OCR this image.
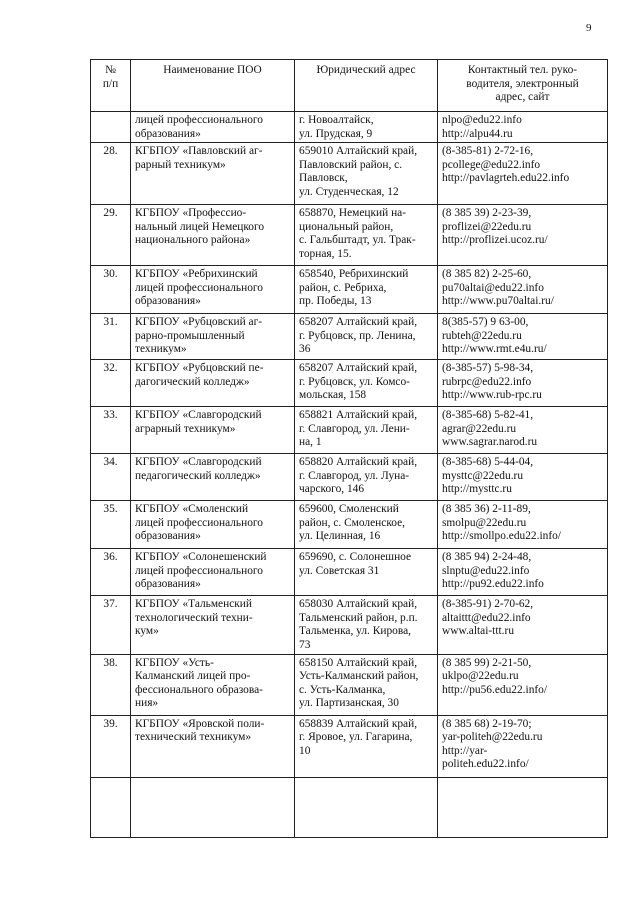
9
№
п/п	Наименование ПОО	Юридический адрес	Контактный тел. руко-
водителя, электронный
адрес, сайт
	лицей профессионального
образования»	г. Новоалтайск,
ул. Прудская, 9	nlpo@edu22.info
http://alpu44.ru
28.	КГБПОУ «Павловский аг-
рарный техникум»	659010 Алтайский край,
Павловский район, с.
Павловск,
ул. Студенческая, 12	(8-385-81) 2-72-16,
pcollege@edu22.info
http://pavlagrteh.edu22.info
29.	КГБПОУ «Профессио-
нальный лицей Немецкого
национального района»	658870, Немецкий на-
циональный район,
с. Гальбштадт, ул. Трак-
торная, 15.	(8 385 39) 2-23-39,
proflizei@22edu.ru
http://proflizei.ucoz.ru/
30.	КГБПОУ «Ребрихинский
лицей профессионального
образования»	658540, Ребрихинский
район, с. Ребриха,
пр. Победы, 13	(8 385 82) 2-25-60,
pu70altai@edu22.info
http://www.pu70altai.ru/
31.	КГБПОУ «Рубцовский аг-
рарно-промышленный
техникум»	658207 Алтайский край,
г. Рубцовск, пр. Ленина,
36	8(385-57) 9 63-00,
rubteh@22edu.ru
http://www.rmt.e4u.ru/
32.	КГБПОУ «Рубцовский пе-
дагогический колледж»	658207 Алтайский край,
г. Рубцовск, ул. Комсо-
мольская, 158	(8-385-57) 5-98-34,
rubrpc@edu22.info
http://www.rub-rpc.ru
33.	КГБПОУ «Славгородский
аграрный техникум»	658821 Алтайский край,
г. Славгород, ул. Лени-
на, 1	(8-385-68) 5-82-41,
agrar@22edu.ru
www.sagrar.narod.ru
34.	КГБПОУ «Славгородский
педагогический колледж»	658820 Алтайский край,
г. Славгород, ул. Луна-
чарского, 146	(8-385-68) 5-44-04,
mysttc@22edu.ru
http://mysttc.ru
35.	КГБПОУ «Смоленский
лицей профессионального
образования»	659600, Смоленский
район, с. Смоленское,
ул. Целинная, 16	(8 385 36) 2-11-89,
smolpu@22edu.ru
http://smollpo.edu22.info/
36.	КГБПОУ «Солонешенский
лицей профессионального
образования»	659690, с. Солонешное
ул. Советская 31	(8 385 94) 2-24-48,
slnptu@edu22.info
http://pu92.edu22.info
37.	КГБПОУ «Тальменский
технологический техни-
кум»	658030 Алтайский край,
Тальменский район, р.п.
Тальменка, ул. Кирова,
73	(8-385-91) 2-70-62,
altaittt@edu22.info
www.altai-ttt.ru
38.	КГБПОУ «Усть-
Калманский лицей про-
фессионального образова-
ния»	658150 Алтайский край,
Усть-Калманский район,
с. Усть-Калманка,
ул. Партизанская, 30	(8 385 99) 2-21-50,
uklpo@22edu.ru
http://pu56.edu22.info/
39.	КГБПОУ «Яровской поли-
технический техникум»	658839 Алтайский край,
г. Яровое, ул. Гагарина,
10	(8 385 68) 2-19-70;
yar-politeh@22edu.ru
http://yar-
politeh.edu22.info/
